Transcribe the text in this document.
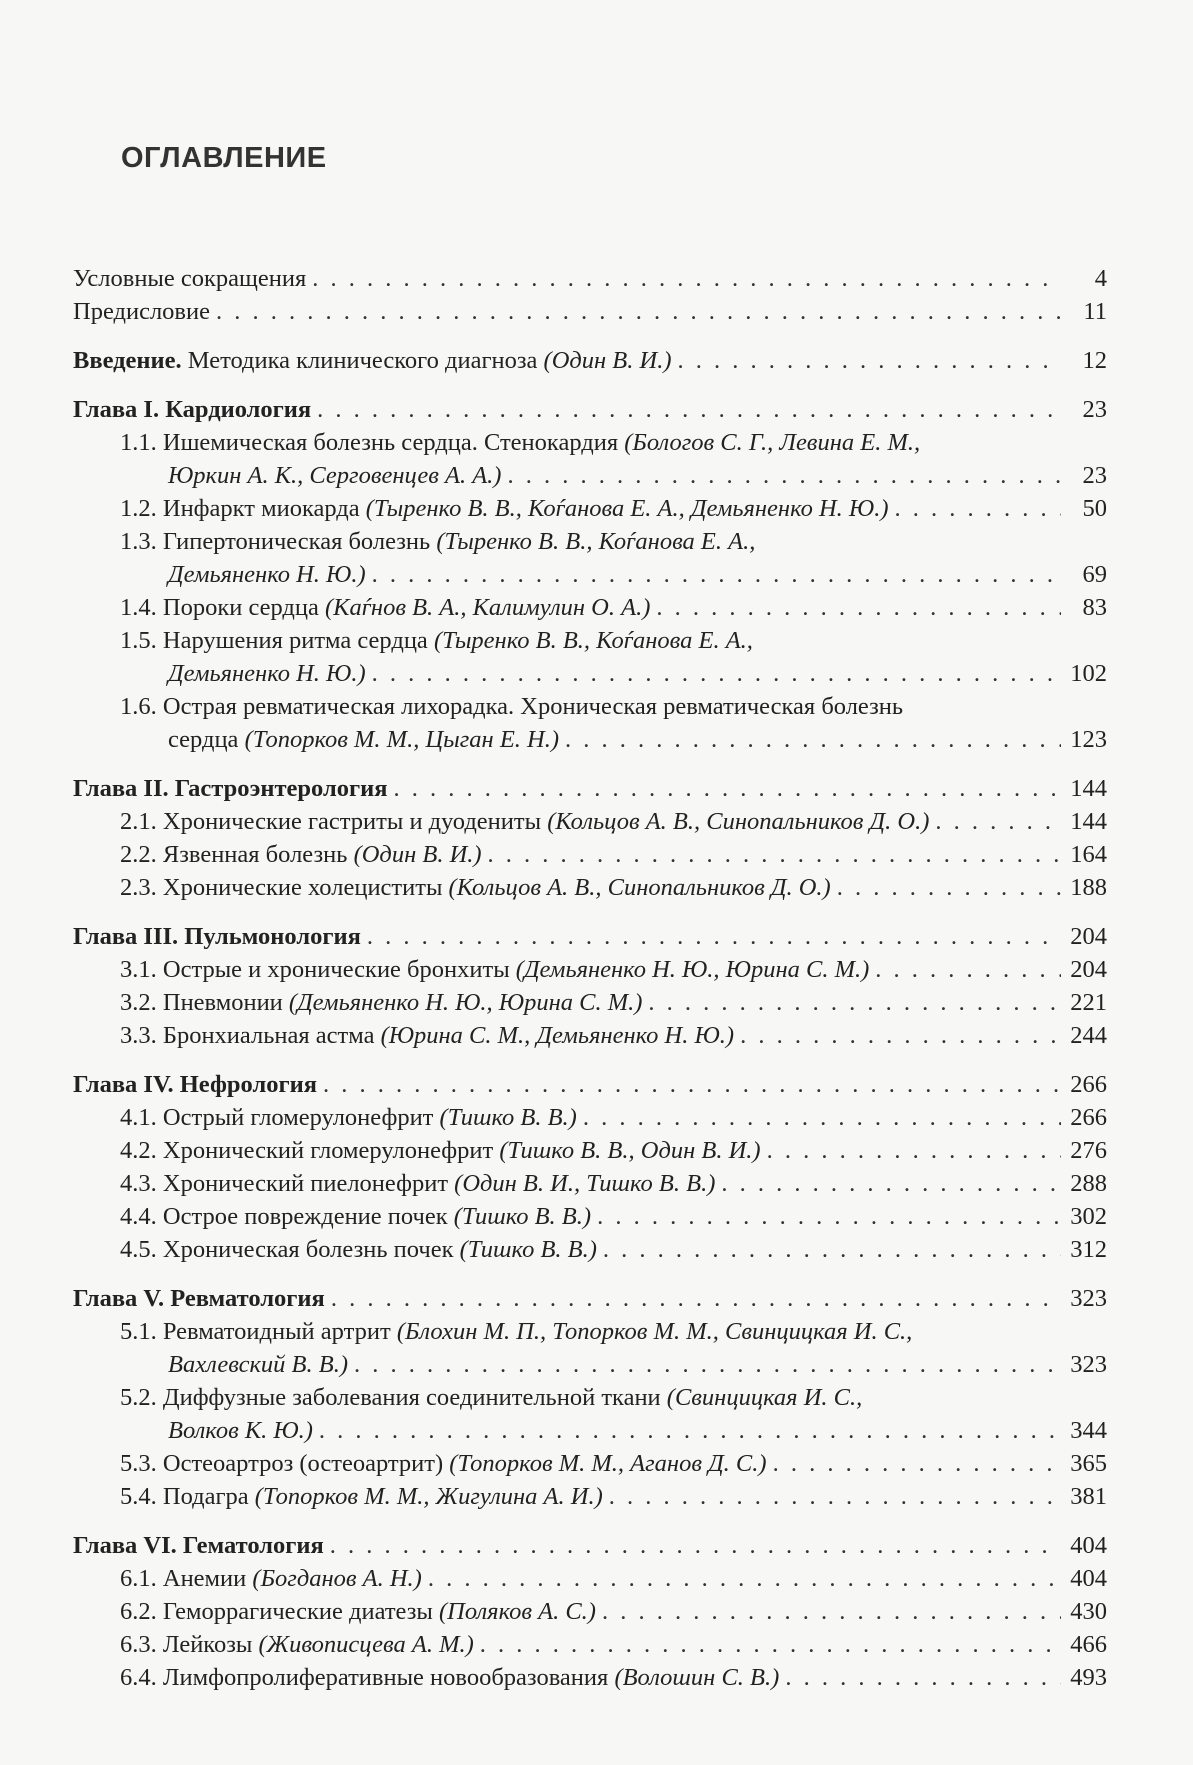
ОГЛАВЛЕНИЕ
Условные сокращения . . .	4
Предисловие . . .	11
Введение. Методика клинического диагноза (Один В. И.) . . .	12
Глава I. Кардиология . . .	23
1.1. Ишемическая болезнь сердца. Стенокардия (Бологов С. Г., Левина Е. М.,
Юркин А. К., Серговенцев А. А.) . . .	23
1.2. Инфаркт миокарда (Тыренко В. В., Коѓанова Е. А., Демьяненко Н. Ю.) . . .	50
1.3. Гипертоническая болезнь (Тыренко В. В., Коѓанова Е. А.,
Демьяненко Н. Ю.) . . .	69
1.4. Пороки сердца (Каѓнов В. А., Калимулин О. А.) . . .	83
1.5. Нарушения ритма сердца (Тыренко В. В., Коѓанова Е. А.,
Демьяненко Н. Ю.) . . .	102
1.6. Острая ревматическая лихорадка. Хроническая ревматическая болезнь
сердца (Топорков М. М., Цыган Е. Н.) . . .	123
Глава II. Гастроэнтерология . . .	144
2.1. Хронические гастриты и дуодениты (Кольцов А. В., Синопальников Д. О.) . . .	144
2.2. Язвенная болезнь (Один В. И.) . . .	164
2.3. Хронические холециститы (Кольцов А. В., Синопальников Д. О.) . . .	188
Глава III. Пульмонология . . .	204
3.1. Острые и хронические бронхиты (Демьяненко Н. Ю., Юрина С. М.) . . .	204
3.2. Пневмонии (Демьяненко Н. Ю., Юрина С. М.) . . .	221
3.3. Бронхиальная астма (Юрина С. М., Демьяненко Н. Ю.) . . .	244
Глава IV. Нефрология . . .	266
4.1. Острый гломерулонефрит (Тишко В. В.) . . .	266
4.2. Хронический гломерулонефрит (Тишко В. В., Один В. И.) . . .	276
4.3. Хронический пиелонефрит (Один В. И., Тишко В. В.) . . .	288
4.4. Острое повреждение почек (Тишко В. В.) . . .	302
4.5. Хроническая болезнь почек (Тишко В. В.) . . .	312
Глава V. Ревматология . . .	323
5.1. Ревматоидный артрит (Блохин М. П., Топорков М. М., Свинцицкая И. С.,
Вахлевский В. В.) . . .	323
5.2. Диффузные заболевания соединительной ткани (Свинцицкая И. С.,
Волков К. Ю.) . . .	344
5.3. Остеоартроз (остеоартрит) (Топорков М. М., Аганов Д. С.) . . .	365
5.4. Подагра (Топорков М. М., Жигулина А. И.) . . .	381
Глава VI. Гематология . . .	404
6.1. Анемии (Богданов А. Н.) . . .	404
6.2. Геморрагические диатезы (Поляков А. С.) . . .	430
6.3. Лейкозы (Живописцева А. М.) . . .	466
6.4. Лимфопролиферативные новообразования (Волошин С. В.) . . .	493
